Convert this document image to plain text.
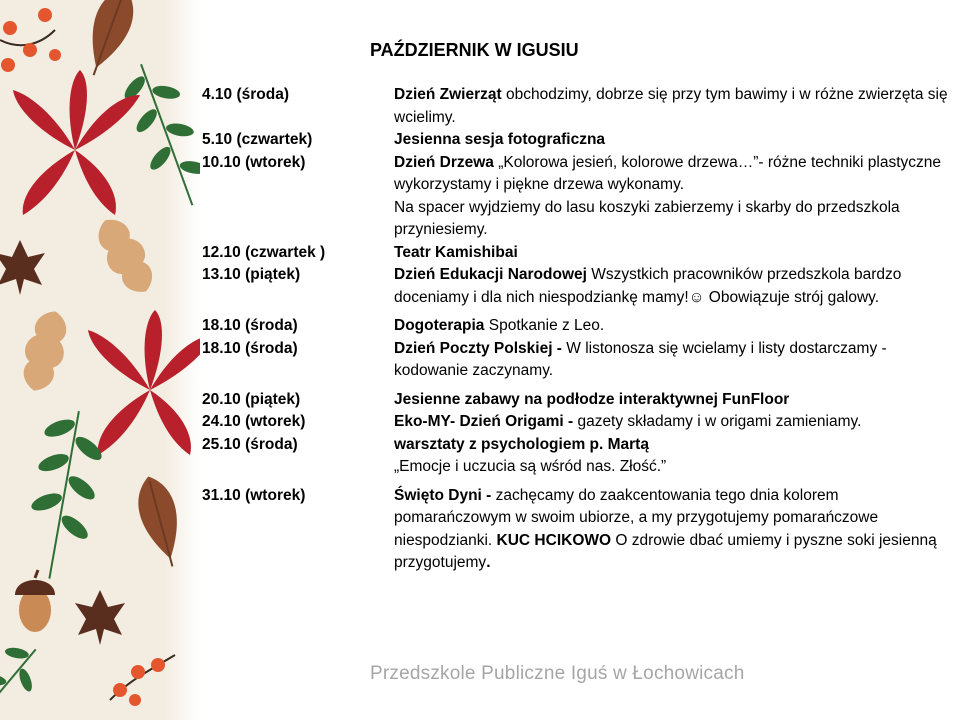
PAŹDZIERNIK W IGUSIU
4.10 (środa)	Dzień Zwierząt obchodzimy, dobrze się przy tym bawimy i w różne zwierzęta się wcielimy.
5.10 (czwartek)	Jesienna sesja fotograficzna
10.10 (wtorek)	Dzień Drzewa „Kolorowa jesień, kolorowe drzewa…”- różne techniki plastyczne wykorzystamy i piękne drzewa wykonamy.
Na spacer wyjdziemy do lasu koszyki zabierzemy i skarby do przedszkola przyniesiemy.
12.10 (czwartek )	Teatr Kamishibai
13.10 (piątek)	Dzień Edukacji Narodowej Wszystkich pracowników przedszkola bardzo doceniamy i dla nich niespodziankę mamy!☺ Obowiązuje strój galowy.
18.10 (środa)	Dogoterapia Spotkanie z Leo.
18.10 (środa)	Dzień Poczty Polskiej - W listonosza się wcielamy i listy dostarczamy - kodowanie zaczynamy.
20.10 (piątek)	Jesienne zabawy na podłodze interaktywnej FunFloor
24.10 (wtorek)	Eko-MY- Dzień Origami - gazety składamy i w origami zamieniamy.
25.10 (środa)	warsztaty z psychologiem p. Martą
„Emocje i uczucia są wśród nas. Złość.”
31.10 (wtorek)	Święto Dyni - zachęcamy do zaakcentowania tego dnia kolorem pomarańczowym w swoim ubiorze, a my przygotujemy pomarańczowe niespodzianki. KUC HCIKOWO O zdrowie dbać umiemy i pyszne soki jesienną przygotujemy.
Przedszkole Publiczne Iguś w Łochowicach
